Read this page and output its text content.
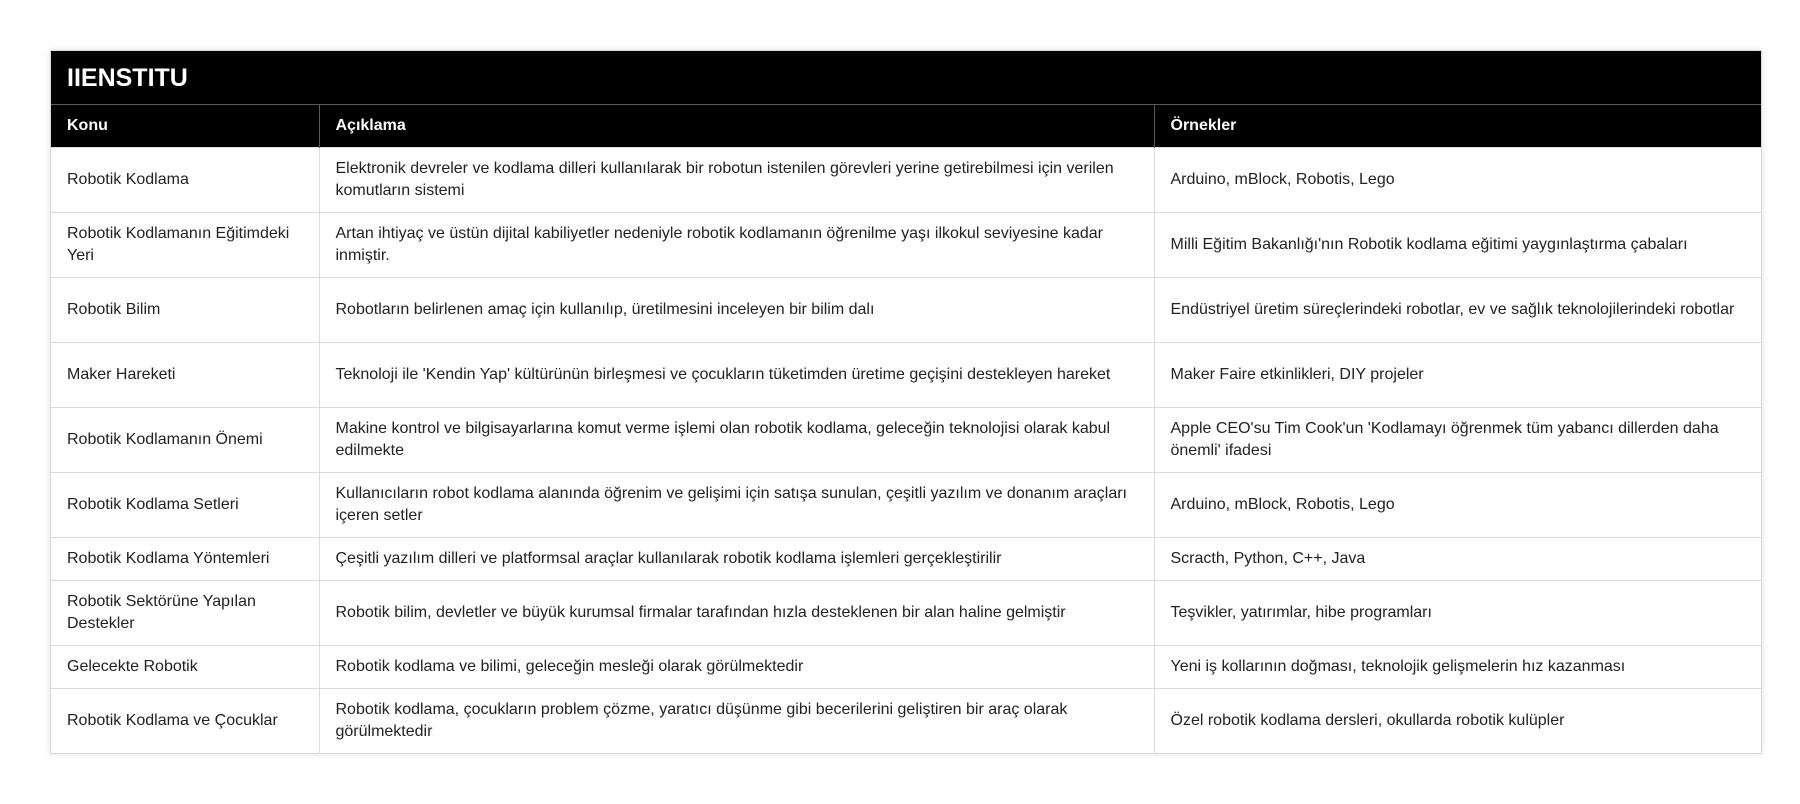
IIENSTITU
Konu	Açıklama	Örnekler
Robotik Kodlama	Elektronik devreler ve kodlama dilleri kullanılarak bir robotun istenilen görevleri yerine getirebilmesi için verilen komutların sistemi	Arduino, mBlock, Robotis, Lego
Robotik Kodlamanın Eğitimdeki Yeri	Artan ihtiyaç ve üstün dijital kabiliyetler nedeniyle robotik kodlamanın öğrenilme yaşı ilkokul seviyesine kadar inmiştir.	Milli Eğitim Bakanlığı'nın Robotik kodlama eğitimi yaygınlaştırma çabaları
Robotik Bilim	Robotların belirlenen amaç için kullanılıp, üretilmesini inceleyen bir bilim dalı	Endüstriyel üretim süreçlerindeki robotlar, ev ve sağlık teknolojilerindeki robotlar
Maker Hareketi	Teknoloji ile 'Kendin Yap' kültürünün birleşmesi ve çocukların tüketimden üretime geçişini destekleyen hareket	Maker Faire etkinlikleri, DIY projeler
Robotik Kodlamanın Önemi	Makine kontrol ve bilgisayarlarına komut verme işlemi olan robotik kodlama, geleceğin teknolojisi olarak kabul edilmekte	Apple CEO'su Tim Cook'un 'Kodlamayı öğrenmek tüm yabancı dillerden daha önemli' ifadesi
Robotik Kodlama Setleri	Kullanıcıların robot kodlama alanında öğrenim ve gelişimi için satışa sunulan, çeşitli yazılım ve donanım araçları içeren setler	Arduino, mBlock, Robotis, Lego
Robotik Kodlama Yöntemleri	Çeşitli yazılım dilleri ve platformsal araçlar kullanılarak robotik kodlama işlemleri gerçekleştirilir	Scracth, Python, C++, Java
Robotik Sektörüne Yapılan Destekler	Robotik bilim, devletler ve büyük kurumsal firmalar tarafından hızla desteklenen bir alan haline gelmiştir	Teşvikler, yatırımlar, hibe programları
Gelecekte Robotik	Robotik kodlama ve bilimi, geleceğin mesleği olarak görülmektedir	Yeni iş kollarının doğması, teknolojik gelişmelerin hız kazanması
Robotik Kodlama ve Çocuklar	Robotik kodlama, çocukların problem çözme, yaratıcı düşünme gibi becerilerini geliştiren bir araç olarak görülmektedir	Özel robotik kodlama dersleri, okullarda robotik kulüpler
